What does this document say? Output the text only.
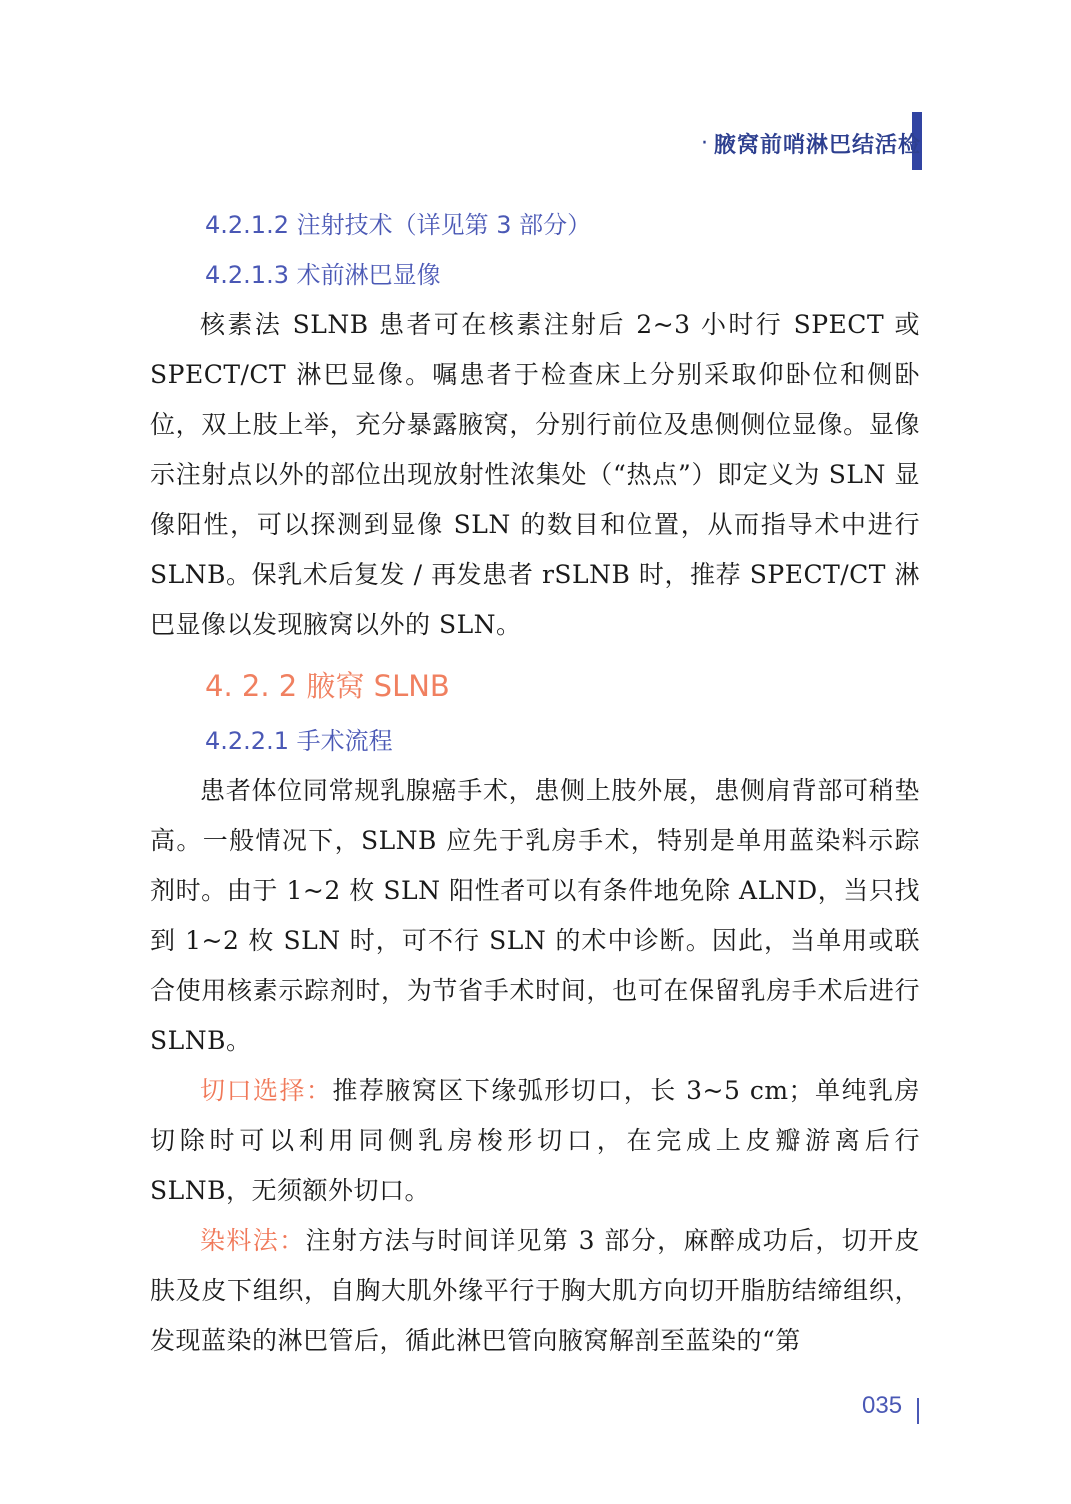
· 腋窝前哨淋巴结活检

4.2.1.2 注射技术（详见第 3 部分）

4.2.1.3 术前淋巴显像

核素法 SLNB 患者可在核素注射后 2~3 小时行 SPECT 或 SPECT/CT 淋巴显像。嘱患者于检查床上分别采取仰卧位和侧卧位，双上肢上举，充分暴露腋窝，分别行前位及患侧侧位显像。显像示注射点以外的部位出现放射性浓集处（“热点”）即定义为 SLN 显像阳性，可以探测到显像 SLN 的数目和位置，从而指导术中进行 SLNB。保乳术后复发 / 再发患者 rSLNB 时，推荐 SPECT/CT 淋巴显像以发现腋窝以外的 SLN。

4. 2. 2 腋窝 SLNB

4.2.2.1 手术流程

患者体位同常规乳腺癌手术，患侧上肢外展，患侧肩背部可稍垫高。一般情况下，SLNB 应先于乳房手术，特别是单用蓝染料示踪剂时。由于 1~2 枚 SLN 阳性者可以有条件地免除 ALND，当只找到 1~2 枚 SLN 时，可不行 SLN 的术中诊断。因此，当单用或联合使用核素示踪剂时，为节省手术时间，也可在保留乳房手术后进行 SLNB。

切口选择：推荐腋窝区下缘弧形切口，长 3~5 cm；单纯乳房切除时可以利用同侧乳房梭形切口，在完成上皮瓣游离后行 SLNB，无须额外切口。

染料法：注射方法与时间详见第 3 部分，麻醉成功后，切开皮肤及皮下组织，自胸大肌外缘平行于胸大肌方向切开脂肪结缔组织，发现蓝染的淋巴管后，循此淋巴管向腋窝解剖至蓝染的“第

035
